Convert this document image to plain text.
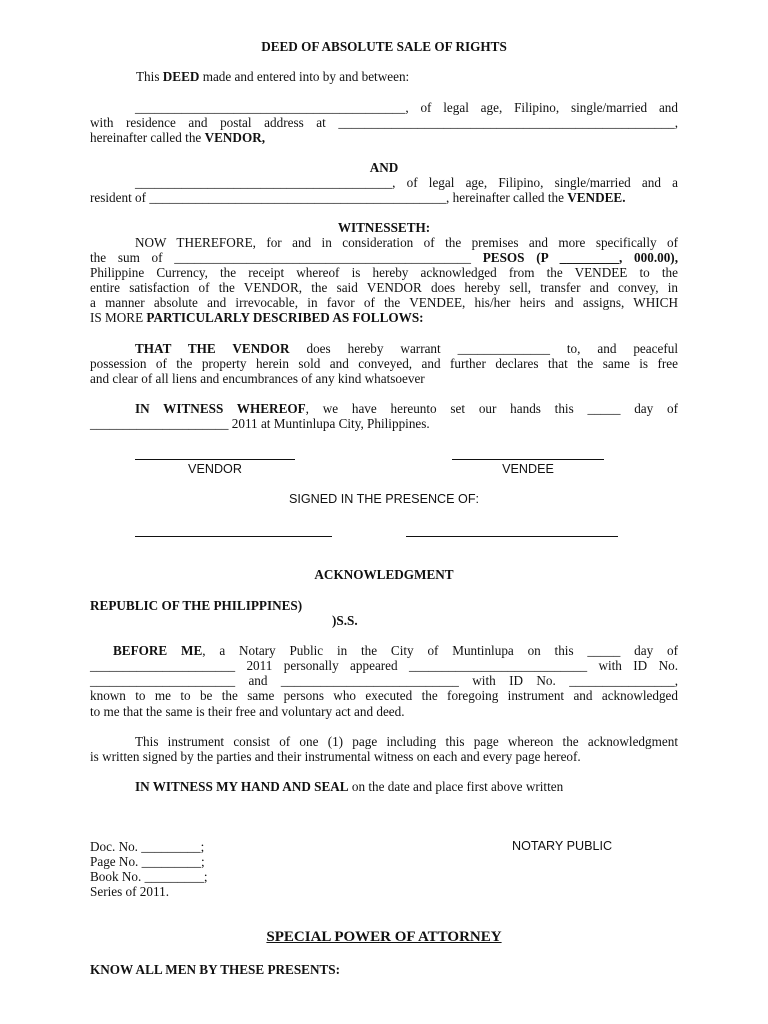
DEED OF ABSOLUTE SALE OF RIGHTS
This DEED made and entered into by and between:
_________________________________________, of legal age, Filipino, single/married and
with residence and postal address at ___________________________________________________,
hereinafter called the VENDOR,
AND
_______________________________________, of legal age, Filipino, single/married and a
resident of _____________________________________________, hereinafter called the VENDEE.
WITNESSETH:
NOW THEREFORE, for and in consideration of the premises and more specifically of
the sum of _____________________________________________ PESOS (P _________, 000.00),
Philippine Currency, the receipt whereof is hereby acknowledged from the VENDEE to the
entire satisfaction of the VENDOR, the said VENDOR does hereby sell, transfer and convey, in
a manner absolute and irrevocable, in favor of the VENDEE, his/her heirs and assigns, WHICH
IS MORE PARTICULARLY DESCRIBED AS FOLLOWS:
THAT THE VENDOR does hereby warrant ______________ to, and peaceful
possession of the property herein sold and conveyed, and further declares that the same is free
and clear of all liens and encumbrances of any kind whatsoever
IN WITNESS WHEREOF, we have hereunto set our hands this _____ day of
_____________________ 2011 at Muntinlupa City, Philippines.
VENDOR	VENDEE
SIGNED IN THE PRESENCE OF:
ACKNOWLEDGMENT
REPUBLIC OF THE PHILIPPINES)
)S.S.
BEFORE ME, a Notary Public in the City of Muntinlupa on this _____ day of
______________________ 2011 personally appeared ___________________________ with ID No.
______________________ and ___________________________ with ID No. ________________,
known to me to be the same persons who executed the foregoing instrument and acknowledged
to me that the same is their free and voluntary act and deed.
This instrument consist of one (1) page including this page whereon the acknowledgment
is written signed by the parties and their instrumental witness on each and every page hereof.
IN WITNESS MY HAND AND SEAL on the date and place first above written
Doc. No. _________;
Page No. _________;
Book No. _________;
Series of 2011.
NOTARY PUBLIC
SPECIAL POWER OF ATTORNEY
KNOW ALL MEN BY THESE PRESENTS:
